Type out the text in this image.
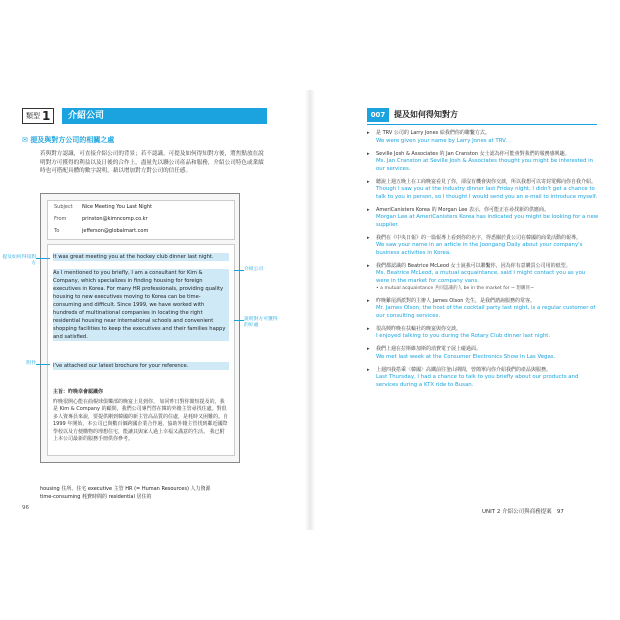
類型 1	介紹公司
✉ 提及與對方公司的相關之處
若與對方認識，可直接介紹公司的背景；若不認識，可提及如何得知對方後，將焦點放在說明對方可獲得的利益以及日後的合作上，盡量先以聯公司產品和服務，介紹公司特色或業績時也可搭配具體的數字說明，藉以增加對方對公司的信任感。
Subject	Nice Meeting You Last Night
From	prinston@kimncomp.co.kr
To	jefferson@globalmart.com
It was great meeting you at the hockey club dinner last night.
As I mentioned to you briefly, I am a consultant for Kim & Company, which specializes in finding housing for foreign executives in Korea. For many HR professionals, providing quality housing to new executives moving to Korea can be time-consuming and difficult. Since 1999, we have worked with hundreds of multinational companies in locating the right residential housing near international schools and convenient shopping facilities to keep the executives and their families happy and satisfied.
I've attached our latest brochure for your reference.
主旨：昨晚幸會認識你
昨晚很開心能在曲棍球俱樂部的晚宴上見到你。 如同昨日對你簡短提及的，我是 Kim & Company 的顧問，我們公司專門替在韓的外籍主管尋找住處。對很多人資專員來說，要提供剛到韓國的新主管高品質的住處，是耗時又困難的。自 1999 年開始，本公司已與數百個跨國企業合作過，協助外籍主管找到鄰近國際學校以及方便購物的理想住宅，能讓其與家人過上幸福又滿意的生活。 我已附上本公司最新的服務手冊供你參考。
提及如何得知對方
介紹公司
說明對方可獲得的好處
附件
housing 住所、住宅 executive 主管 HR (= Human Resources) 人力資源
time-consuming 耗費時間的 residential 居住的
96
007	提及如何得知對方
▸	是 TRV 公司的 Larry Jones 給我們你的聯繫方式。
We were given your name by Larry Jones at TRV.
▸	Seville Josh & Associates 的 Jan Cranston 女士認為你可能會對我們的服務感興趣。
Ms. Jan Cranston at Seville Josh & Associates thought you might be interested in our services.
▸	聽說上週五晚上在工商晚宴看見了你，卻沒有機會與你交談，所以我想可以寄封電郵向你自我介紹。
Though I saw you at the industry dinner last Friday night, I didn't get a chance to talk to you in person, so I thought I would send you an e-mail to introduce myself.
▸	AmeriCanisters Korea 的 Morgan Lee 表示，你可能正在尋找新的供應商。
Morgan Lee at AmeriCanisters Korea has indicated you might be looking for a new supplier.
▸	我們在《中央日報》的一篇報導上看到你的名字，得悉關於貴公司在韓國的商業活動的報導。
We saw your name in an article in the Joongang Daily about your company's business activities in Korea.
▸	我們都認識的 Beatrice McLeod 女士說我可以聯繫你，因為你有意購買公司用的紙型。
Ms. Beatrice McLeod, a mutual acquaintance, said I might contact you as you were in the market for company vans.
• a mutual acquaintance 共同認識的人 be in the market for ~ 想購買~
▸	昨晚雞尾酒派對的主辦人 James Olson 先生，是我們諮詢服務的常客。
Mr. James Olson, the host of the cocktail party last night, is a regular customer of our consulting services.
▸	很高興昨晚在扶輪社的晚宴與你交談。
I enjoyed talking to you during the Rotary Club dinner last night.
▸	我們上週在拉斯維加斯的消費電子展上碰過面。
We met last week at the Consumer Electronics Show in Las Vegas.
▸	上週四我搭乘〈韓國〉高鐵前往釜山期間，曾簡單向你介紹我們的產品與服務。
Last Thursday, I had a chance to talk to you briefly about our products and services during a KTX ride to Busan.
UNIT 2 介紹公司與商務提案 97
